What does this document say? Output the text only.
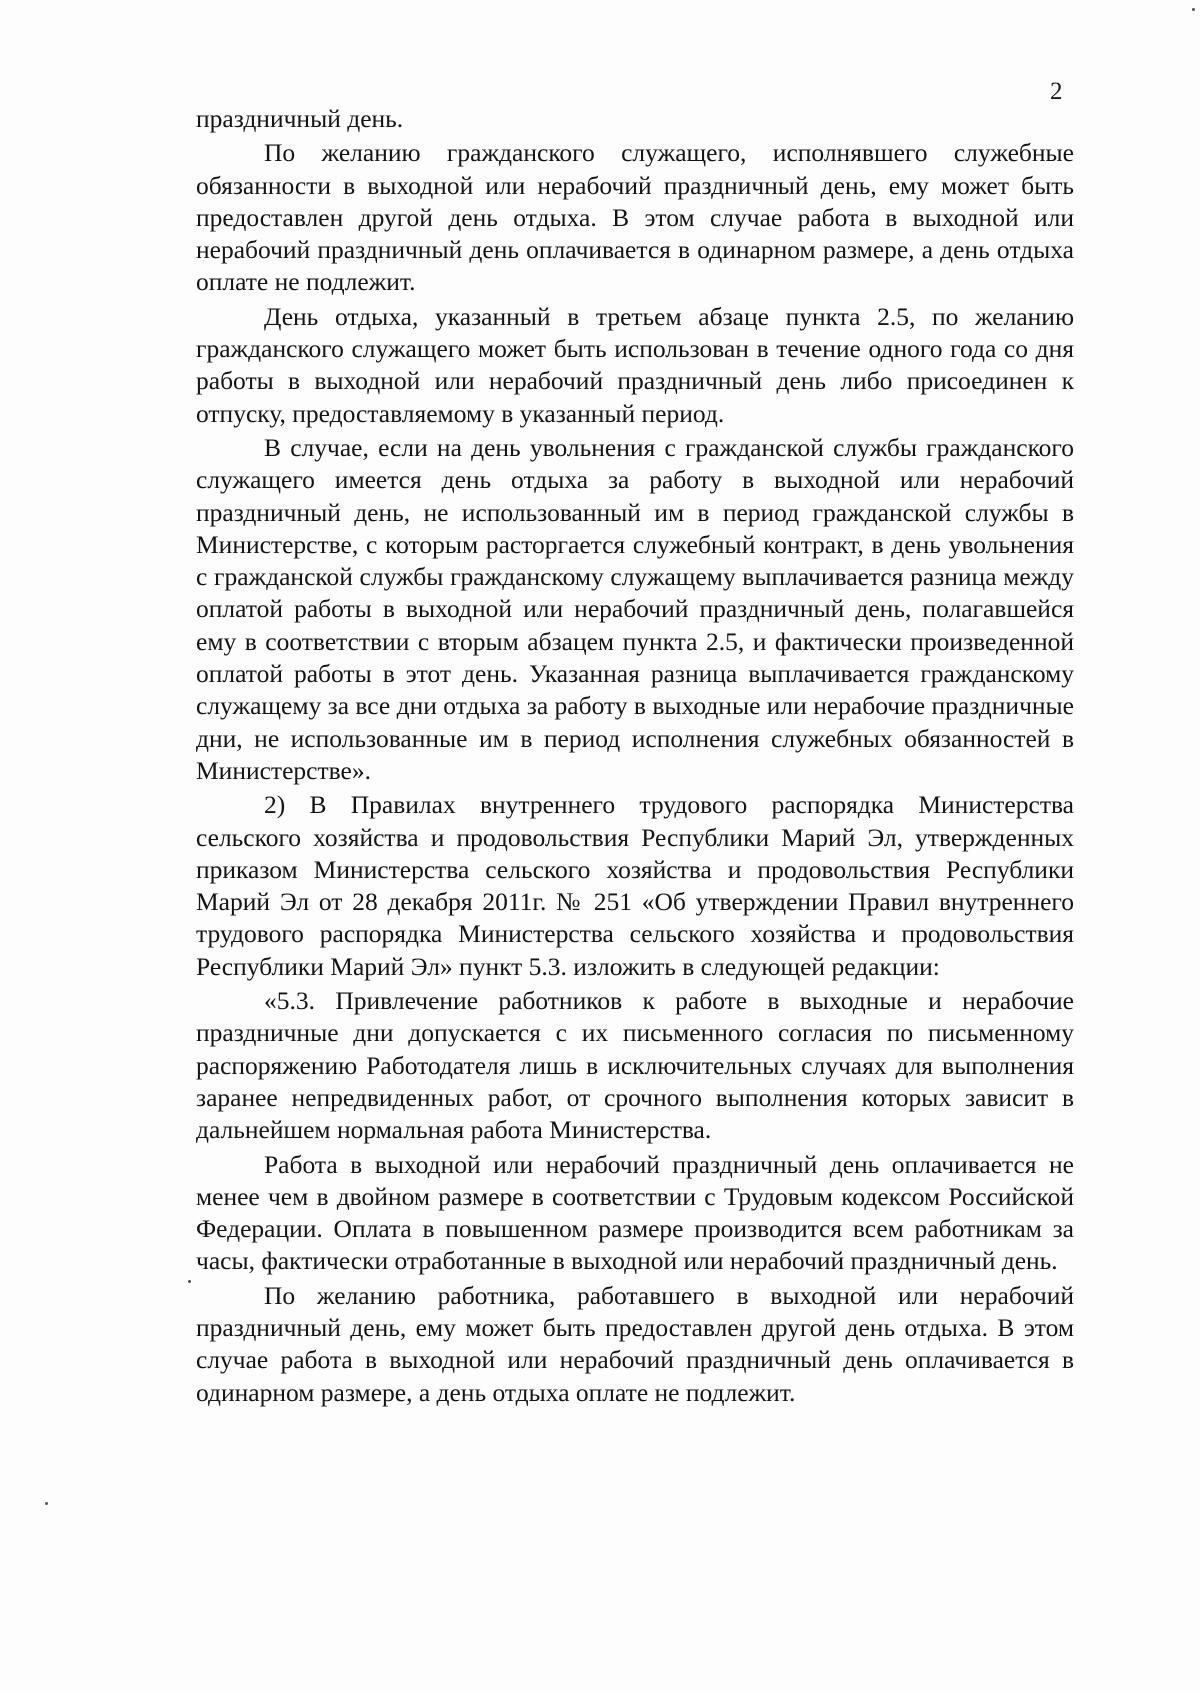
2

праздничный день.

По желанию гражданского служащего, исполнявшего служебные обязанности в выходной или нерабочий праздничный день, ему может быть предоставлен другой день отдыха. В этом случае работа в выходной или нерабочий праздничный день оплачивается в одинарном размере, а день отдыха оплате не подлежит.

День отдыха, указанный в третьем абзаце пункта 2.5, по желанию гражданского служащего может быть использован в течение одного года со дня работы в выходной или нерабочий праздничный день либо присоединен к отпуску, предоставляемому в указанный период.

В случае, если на день увольнения с гражданской службы гражданского служащего имеется день отдыха за работу в выходной или нерабочий праздничный день, не использованный им в период гражданской службы в Министерстве, с которым расторгается служебный контракт, в день увольнения с гражданской службы гражданскому служащему выплачивается разница между оплатой работы в выходной или нерабочий праздничный день, полагавшейся ему в соответствии с вторым абзацем пункта 2.5, и фактически произведенной оплатой работы в этот день. Указанная разница выплачивается гражданскому служащему за все дни отдыха за работу в выходные или нерабочие праздничные дни, не использованные им в период исполнения служебных обязанностей в Министерстве».

2) В Правилах внутреннего трудового распорядка Министерства сельского хозяйства и продовольствия Республики Марий Эл, утвержденных приказом Министерства сельского хозяйства и продовольствия Республики Марий Эл от 28 декабря 2011г. № 251 «Об утверждении Правил внутреннего трудового распорядка Министерства сельского хозяйства и продовольствия Республики Марий Эл» пункт 5.3. изложить в следующей редакции:

«5.3. Привлечение работников к работе в выходные и нерабочие праздничные дни допускается с их письменного согласия по письменному распоряжению Работодателя лишь в исключительных случаях для выполнения заранее непредвиденных работ, от срочного выполнения которых зависит в дальнейшем нормальная работа Министерства.

Работа в выходной или нерабочий праздничный день оплачивается не менее чем в двойном размере в соответствии с Трудовым кодексом Российской Федерации. Оплата в повышенном размере производится всем работникам за часы, фактически отработанные в выходной или нерабочий праздничный день.

По желанию работника, работавшего в выходной или нерабочий праздничный день, ему может быть предоставлен другой день отдыха. В этом случае работа в выходной или нерабочий праздничный день оплачивается в одинарном размере, а день отдыха оплате не подлежит.
